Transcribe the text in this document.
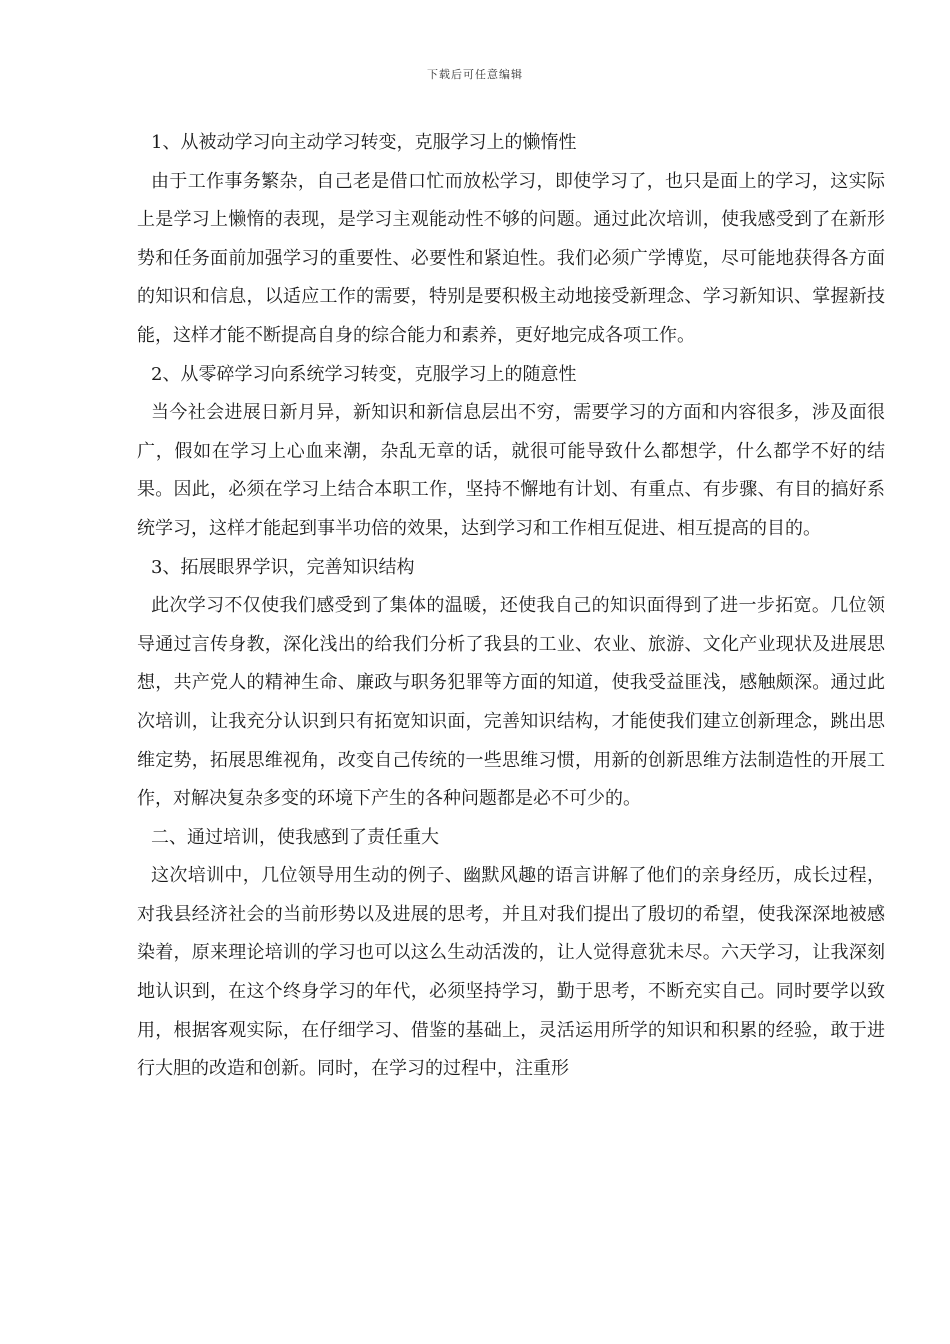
下载后可任意编辑

1、从被动学习向主动学习转变，克服学习上的懒惰性

由于工作事务繁杂，自己老是借口忙而放松学习，即使学习了，也只是面上的学习，这实际上是学习上懒惰的表现，是学习主观能动性不够的问题。通过此次培训，使我感受到了在新形势和任务面前加强学习的重要性、必要性和紧迫性。我们必须广学博览，尽可能地获得各方面的知识和信息，以适应工作的需要，特别是要积极主动地接受新理念、学习新知识、掌握新技能，这样才能不断提高自身的综合能力和素养，更好地完成各项工作。

2、从零碎学习向系统学习转变，克服学习上的随意性

当今社会进展日新月异，新知识和新信息层出不穷，需要学习的方面和内容很多，涉及面很广，假如在学习上心血来潮，杂乱无章的话，就很可能导致什么都想学，什么都学不好的结果。因此，必须在学习上结合本职工作，坚持不懈地有计划、有重点、有步骤、有目的搞好系统学习，这样才能起到事半功倍的效果，达到学习和工作相互促进、相互提高的目的。

3、拓展眼界学识，完善知识结构

此次学习不仅使我们感受到了集体的温暖，还使我自己的知识面得到了进一步拓宽。几位领导通过言传身教，深化浅出的给我们分析了我县的工业、农业、旅游、文化产业现状及进展思想，共产党人的精神生命、廉政与职务犯罪等方面的知道，使我受益匪浅，感触颇深。通过此次培训，让我充分认识到只有拓宽知识面，完善知识结构，才能使我们建立创新理念，跳出思维定势，拓展思维视角，改变自己传统的一些思维习惯，用新的创新思维方法制造性的开展工作，对解决复杂多变的环境下产生的各种问题都是必不可少的。

二、通过培训，使我感到了责任重大

这次培训中，几位领导用生动的例子、幽默风趣的语言讲解了他们的亲身经历，成长过程，对我县经济社会的当前形势以及进展的思考，并且对我们提出了殷切的希望，使我深深地被感染着，原来理论培训的学习也可以这么生动活泼的，让人觉得意犹未尽。六天学习，让我深刻地认识到，在这个终身学习的年代，必须坚持学习，勤于思考，不断充实自己。同时要学以致用，根据客观实际，在仔细学习、借鉴的基础上，灵活运用所学的知识和积累的经验，敢于进行大胆的改造和创新。同时，在学习的过程中，注重形
